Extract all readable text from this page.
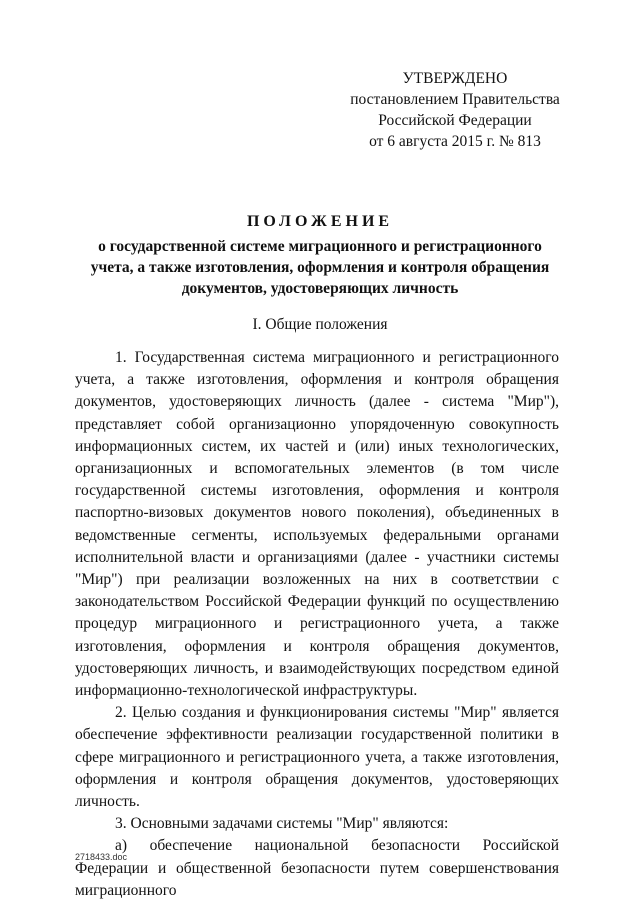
УТВЕРЖДЕНО
постановлением Правительства
Российской Федерации
от 6 августа 2015 г. № 813
ПОЛОЖЕНИЕ
о государственной системе миграционного и регистрационного учета, а также изготовления, оформления и контроля обращения документов, удостоверяющих личность
I. Общие положения

1. Государственная система миграционного и регистрационного учета, а также изготовления, оформления и контроля обращения документов, удостоверяющих личность (далее - система "Мир"), представляет собой организационно упорядоченную совокупность информационных систем, их частей и (или) иных технологических, организационных и вспомогательных элементов (в том числе государственной системы изготовления, оформления и контроля паспортно-визовых документов нового поколения), объединенных в ведомственные сегменты, используемых федеральными органами исполнительной власти и организациями (далее - участники системы "Мир") при реализации возложенных на них в соответствии с законодательством Российской Федерации функций по осуществлению процедур миграционного и регистрационного учета, а также изготовления, оформления и контроля обращения документов, удостоверяющих личность, и взаимодействующих посредством единой информационно-технологической инфраструктуры.

2. Целью создания и функционирования системы "Мир" является обеспечение эффективности реализации государственной политики в сфере миграционного и регистрационного учета, а также изготовления, оформления и контроля обращения документов, удостоверяющих личность.

3. Основными задачами системы "Мир" являются:

а) обеспечение национальной безопасности Российской Федерации и общественной безопасности путем совершенствования миграционного

2718433.doc
